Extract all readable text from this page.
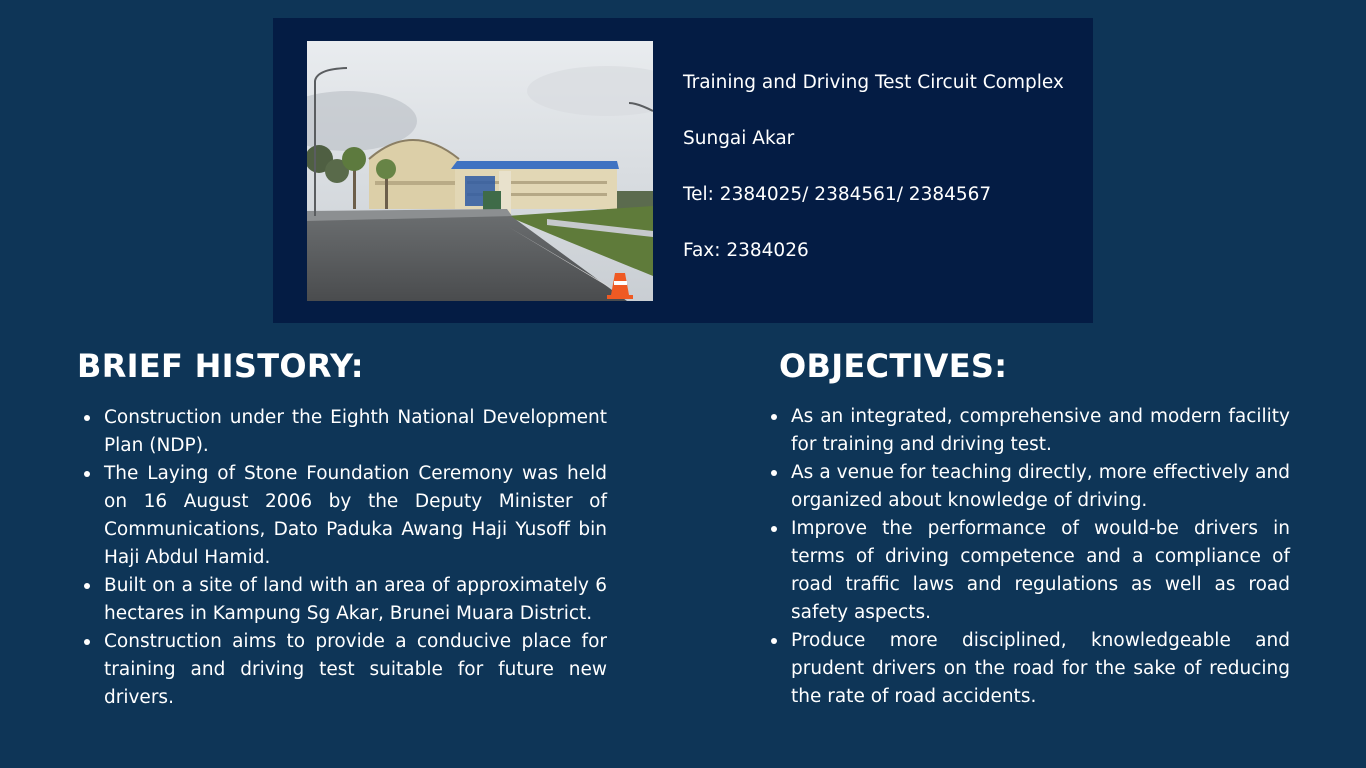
Training and Driving Test Circuit Complex
Sungai Akar
Tel: 2384025/ 2384561/ 2384567
Fax: 2384026
BRIEF HISTORY:
Construction under the Eighth National Development Plan (NDP).
The Laying of Stone Foundation Ceremony was held on 16 August 2006 by the Deputy Minister of Communications, Dato Paduka Awang Haji Yusoff bin Haji Abdul Hamid.
Built on a site of land with an area of approximately 6 hectares in Kampung Sg Akar, Brunei Muara District.
Construction aims to provide a conducive place for training and driving test suitable for future new drivers.
OBJECTIVES:
As an integrated, comprehensive and modern facility for training and driving test.
As a venue for teaching directly, more effectively and organized about knowledge of driving.
Improve the performance of would-be drivers in terms of driving competence and a compliance of road traffic laws and regulations as well as road safety aspects.
Produce more disciplined, knowledgeable and prudent drivers on the road for the sake of reducing the rate of road accidents.
